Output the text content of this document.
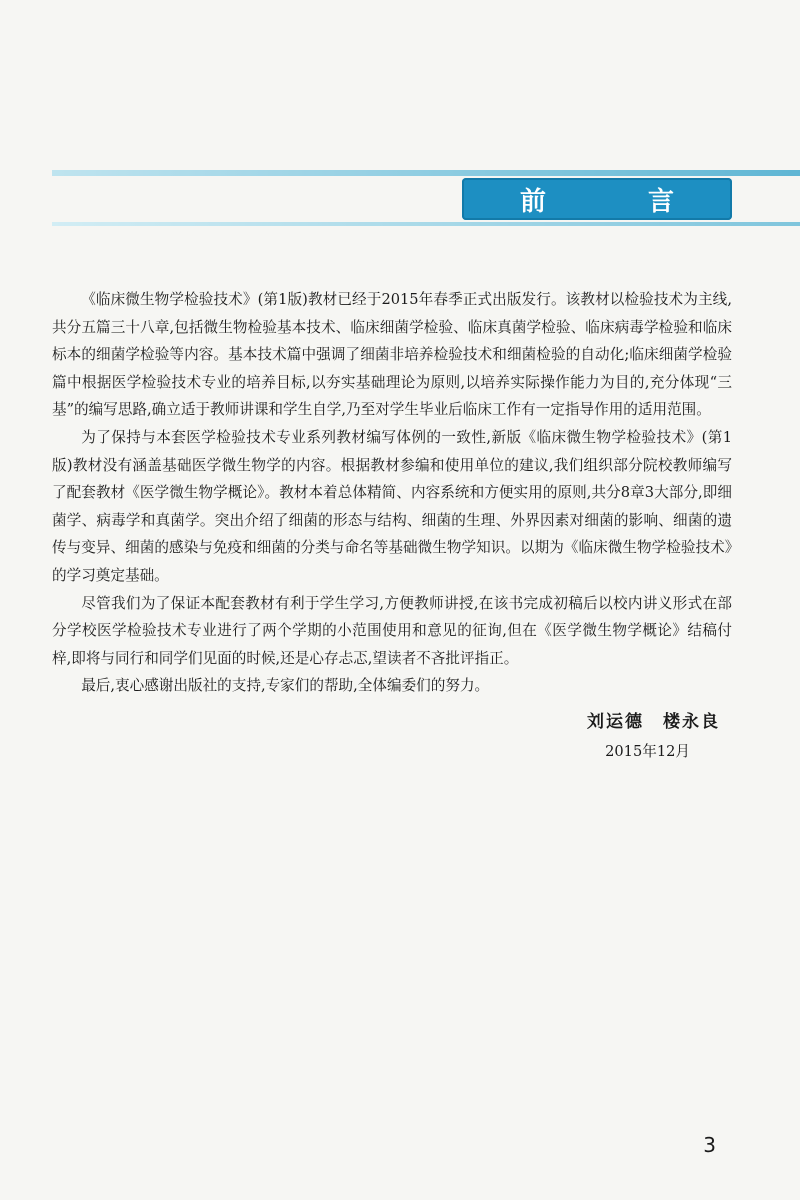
前　言

《临床微生物学检验技术》(第1版)教材已经于2015年春季正式出版发行。该教材以检验技术为主线,共分五篇三十八章,包括微生物检验基本技术、临床细菌学检验、临床真菌学检验、临床病毒学检验和临床标本的细菌学检验等内容。基本技术篇中强调了细菌非培养检验技术和细菌检验的自动化;临床细菌学检验篇中根据医学检验技术专业的培养目标,以夯实基础理论为原则,以培养实际操作能力为目的,充分体现“三基”的编写思路,确立适于教师讲课和学生自学,乃至对学生毕业后临床工作有一定指导作用的适用范围。

为了保持与本套医学检验技术专业系列教材编写体例的一致性,新版《临床微生物学检验技术》(第1版)教材没有涵盖基础医学微生物学的内容。根据教材参编和使用单位的建议,我们组织部分院校教师编写了配套教材《医学微生物学概论》。教材本着总体精简、内容系统和方便实用的原则,共分8章3大部分,即细菌学、病毒学和真菌学。突出介绍了细菌的形态与结构、细菌的生理、外界因素对细菌的影响、细菌的遗传与变异、细菌的感染与免疫和细菌的分类与命名等基础微生物学知识。以期为《临床微生物学检验技术》的学习奠定基础。

尽管我们为了保证本配套教材有利于学生学习,方便教师讲授,在该书完成初稿后以校内讲义形式在部分学校医学检验技术专业进行了两个学期的小范围使用和意见的征询,但在《医学微生物学概论》结稿付梓,即将与同行和同学们见面的时候,还是心存忐忑,望读者不吝批评指正。

最后,衷心感谢出版社的支持,专家们的帮助,全体编委们的努力。

刘运德　楼永良
2015年12月
3
